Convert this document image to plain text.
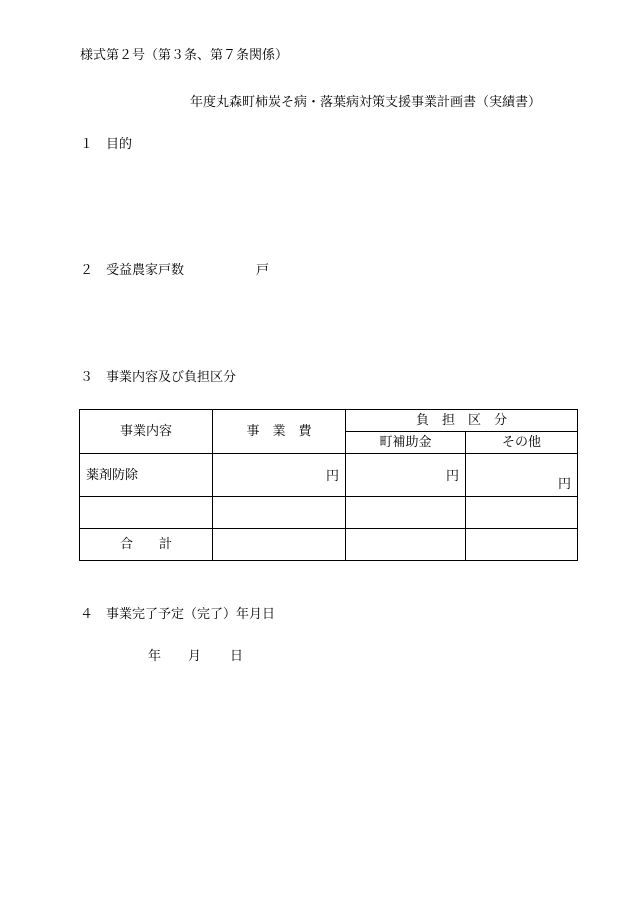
様式第２号（第３条、第７条関係）
年度丸森町柿炭そ病・落葉病対策支援事業計画書（実績書）
１　目的
２　受益農家戸数	戸
３　事業内容及び負担区分
事業内容	事　業　費	負　担　区　分	
		町補助金	その他
薬剤防除	円	円	円

合　　計			
４　事業完了予定（完了）年月日
年 月 日
